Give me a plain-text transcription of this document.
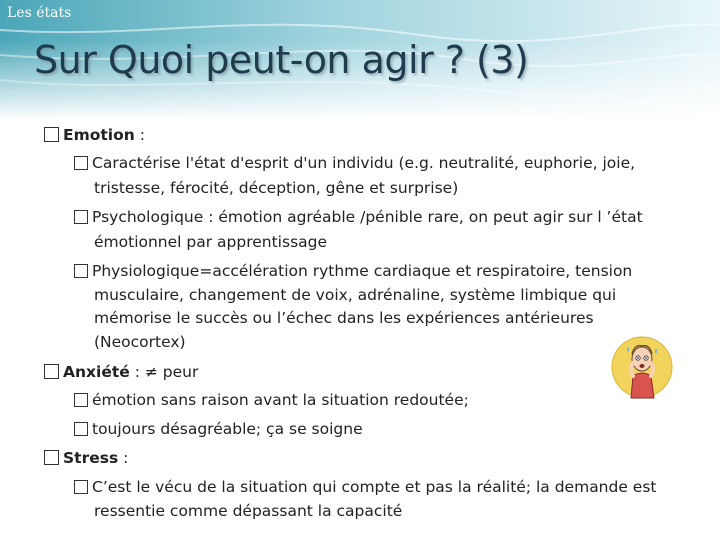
Les états
Sur Quoi peut-on agir ? (3)
Emotion :
Caractérise l'état d'esprit d'un individu (e.g. neutralité, euphorie, joie,
tristesse, férocité, déception, gêne et surprise)
Psychologique : émotion agréable /pénible rare, on peut agir sur l ’état
émotionnel par apprentissage
Physiologique=accélération rythme cardiaque et respiratoire, tension
musculaire, changement de voix, adrénaline, système limbique qui
mémorise le succès ou l’échec dans les expériences antérieures
(Neocortex)
Anxiété : ≠ peur
émotion sans raison avant la situation redoutée;
toujours désagréable; ça se soigne
Stress :
C’est le vécu de la situation qui compte et pas la réalité; la demande est
ressentie comme dépassant la capacité
